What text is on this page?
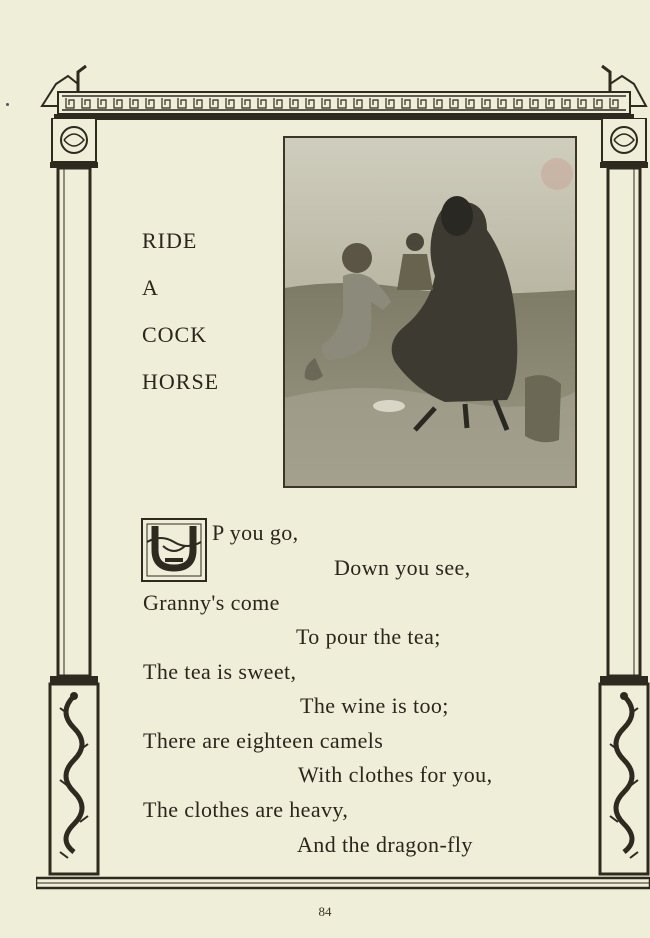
RIDE
A
COCK
HORSE
P you go,
Down you see,
Granny's come
To pour the tea;
The tea is sweet,
The wine is too;
There are eighteen camels
With clothes for you,
The clothes are heavy,
And the dragon-fly
84
